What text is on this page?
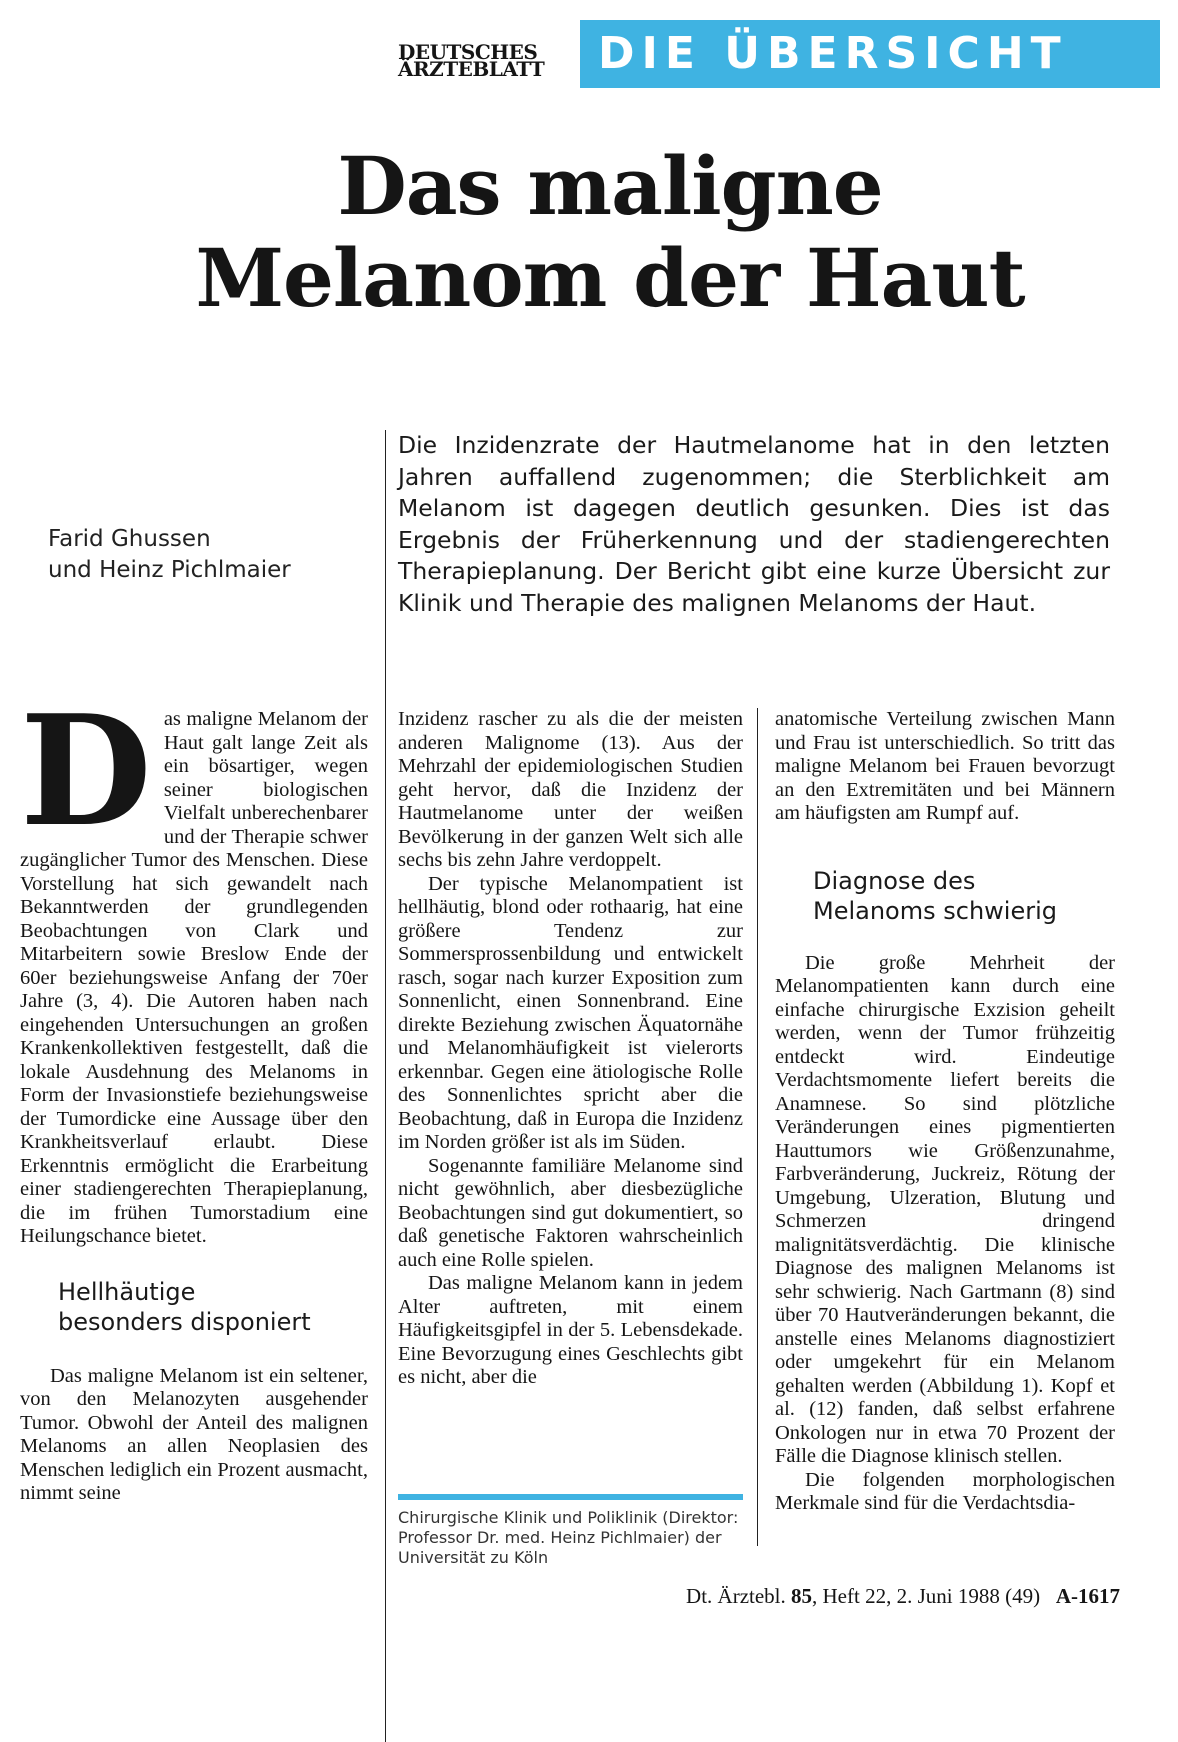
DEUTSCHES
ÄRZTEBLATT	DIE ÜBERSICHT
Das maligne
Melanom der Haut
Farid Ghussen
und Heinz Pichlmaier

Die Inzidenzrate der Hautmelanome hat in den letzten Jahren auffallend zugenommen; die Sterblichkeit am Melanom ist dagegen deutlich gesunken. Dies ist das Ergebnis der Früherkennung und der stadiengerechten Therapieplanung. Der Bericht gibt eine kurze Übersicht zur Klinik und Therapie des malignen Melanoms der Haut.

D as maligne Melanom der Haut galt lange Zeit als ein bösartiger, wegen seiner biologischen Vielfalt unberechenbarer und der Therapie schwer zugänglicher Tumor des Menschen. Diese Vorstellung hat sich gewandelt nach Bekanntwerden der grundlegenden Beobachtungen von Clark und Mitarbeitern sowie Breslow Ende der 60er beziehungsweise Anfang der 70er Jahre (3, 4). Die Autoren haben nach eingehenden Untersuchungen an großen Krankenkollektiven festgestellt, daß die lokale Ausdehnung des Melanoms in Form der Invasionstiefe beziehungsweise der Tumordicke eine Aussage über den Krankheitsverlauf erlaubt. Diese Erkenntnis ermöglicht die Erarbeitung einer stadiengerechten Therapieplanung, die im frühen Tumorstadium eine Heilungschance bietet.

Hellhäutige
besonders disponiert

Das maligne Melanom ist ein seltener, von den Melanozyten ausgehender Tumor. Obwohl der Anteil des malignen Melanoms an allen Neoplasien des Menschen lediglich ein Prozent ausmacht, nimmt seine

Inzidenz rascher zu als die der meisten anderen Malignome (13). Aus der Mehrzahl der epidemiologischen Studien geht hervor, daß die Inzidenz der Hautmelanome unter der weißen Bevölkerung in der ganzen Welt sich alle sechs bis zehn Jahre verdoppelt.

Der typische Melanompatient ist hellhäutig, blond oder rothaarig, hat eine größere Tendenz zur Sommersprossenbildung und entwickelt rasch, sogar nach kurzer Exposition zum Sonnenlicht, einen Sonnenbrand. Eine direkte Beziehung zwischen Äquatornähe und Melanomhäufigkeit ist vielerorts erkennbar. Gegen eine ätiologische Rolle des Sonnenlichtes spricht aber die Beobachtung, daß in Europa die Inzidenz im Norden größer ist als im Süden.

Sogenannte familiäre Melanome sind nicht gewöhnlich, aber diesbezügliche Beobachtungen sind gut dokumentiert, so daß genetische Faktoren wahrscheinlich auch eine Rolle spielen.

Das maligne Melanom kann in jedem Alter auftreten, mit einem Häufigkeitsgipfel in der 5. Lebensdekade. Eine Bevorzugung eines Geschlechts gibt es nicht, aber die

anatomische Verteilung zwischen Mann und Frau ist unterschiedlich. So tritt das maligne Melanom bei Frauen bevorzugt an den Extremitäten und bei Männern am häufigsten am Rumpf auf.

Diagnose des
Melanoms schwierig

Die große Mehrheit der Melanompatienten kann durch eine einfache chirurgische Exzision geheilt werden, wenn der Tumor frühzeitig entdeckt wird. Eindeutige Verdachtsmomente liefert bereits die Anamnese. So sind plötzliche Veränderungen eines pigmentierten Hauttumors wie Größenzunahme, Farbveränderung, Juckreiz, Rötung der Umgebung, Ulzeration, Blutung und Schmerzen dringend malignitätsverdächtig. Die klinische Diagnose des malignen Melanoms ist sehr schwierig. Nach Gartmann (8) sind über 70 Hautveränderungen bekannt, die anstelle eines Melanoms diagnostiziert oder umgekehrt für ein Melanom gehalten werden (Abbildung 1). Kopf et al. (12) fanden, daß selbst erfahrene Onkologen nur in etwa 70 Prozent der Fälle die Diagnose klinisch stellen.

Die folgenden morphologischen Merkmale sind für die Verdachtsdia-

Chirurgische Klinik und Poliklinik (Direktor: Professor Dr. med. Heinz Pichlmaier) der Universität zu Köln

Dt. Ärztebl. 85, Heft 22, 2. Juni 1988 (49) A-1617
